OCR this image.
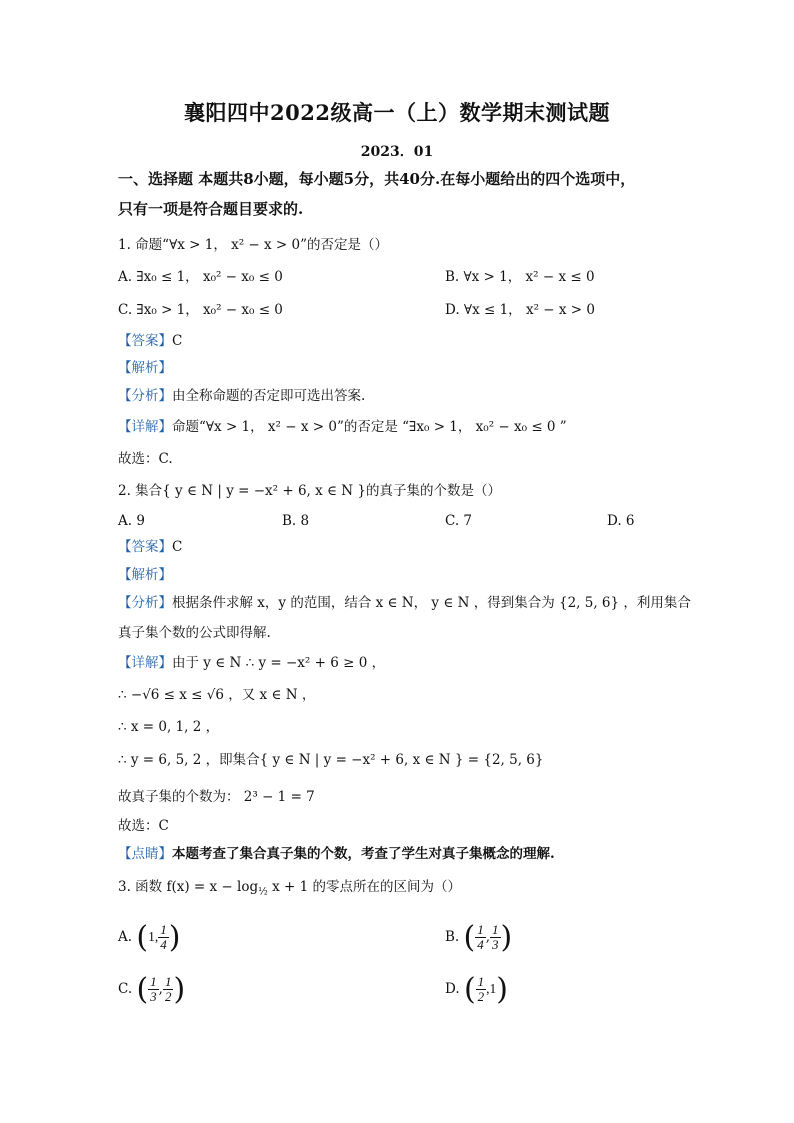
襄阳四中2022级高一（上）数学期末测试题
2023．01
一、选择题 本题共8小题，每小题5分，共40分.在每小题给出的四个选项中，
只有一项是符合题目要求的.
1. 命题“∀x > 1， x² − x > 0”的否定是（）
A. ∃x₀ ≤ 1， x₀² − x₀ ≤ 0	B. ∀x > 1， x² − x ≤ 0
C. ∃x₀ > 1， x₀² − x₀ ≤ 0	D. ∀x ≤ 1， x² − x > 0
【答案】C
【解析】
【分析】由全称命题的否定即可选出答案.
【详解】命题“∀x > 1， x² − x > 0”的否定是 “∃x₀ > 1， x₀² − x₀ ≤ 0 ”
故选：C.
2. 集合{ y ∈ N | y = −x² + 6, x ∈ N }的真子集的个数是（）
A. 9	B. 8	C. 7	D. 6
【答案】C
【解析】
【分析】根据条件求解 x，y 的范围，结合 x ∈ N， y ∈ N ，得到集合为 {2, 5, 6} ，利用集合
真子集个数的公式即得解.
【详解】由于 y ∈ N ∴ y = −x² + 6 ≥ 0 ，
∴ −√6 ≤ x ≤ √6 ，又 x ∈ N ，
∴ x = 0, 1, 2 ，
∴ y = 6, 5, 2 ，即集合{ y ∈ N | y = −x² + 6, x ∈ N } = {2, 5, 6}
故真子集的个数为： 2³ − 1 = 7
故选：C
【点睛】本题考查了集合真子集的个数，考查了学生对真子集概念的理解.
3. 函数 $f(x) = x - \log_{\frac{1}{2}} x + 1$ 的零点所在的区间为（）
A. (1, $\frac{1}{4}$ )	B. ( $\frac{1}{4}$ , $\frac{1}{3}$ )
C. ( $\frac{1}{3}$ , $\frac{1}{2}$ )	D. ( $\frac{1}{2} ,1$)
